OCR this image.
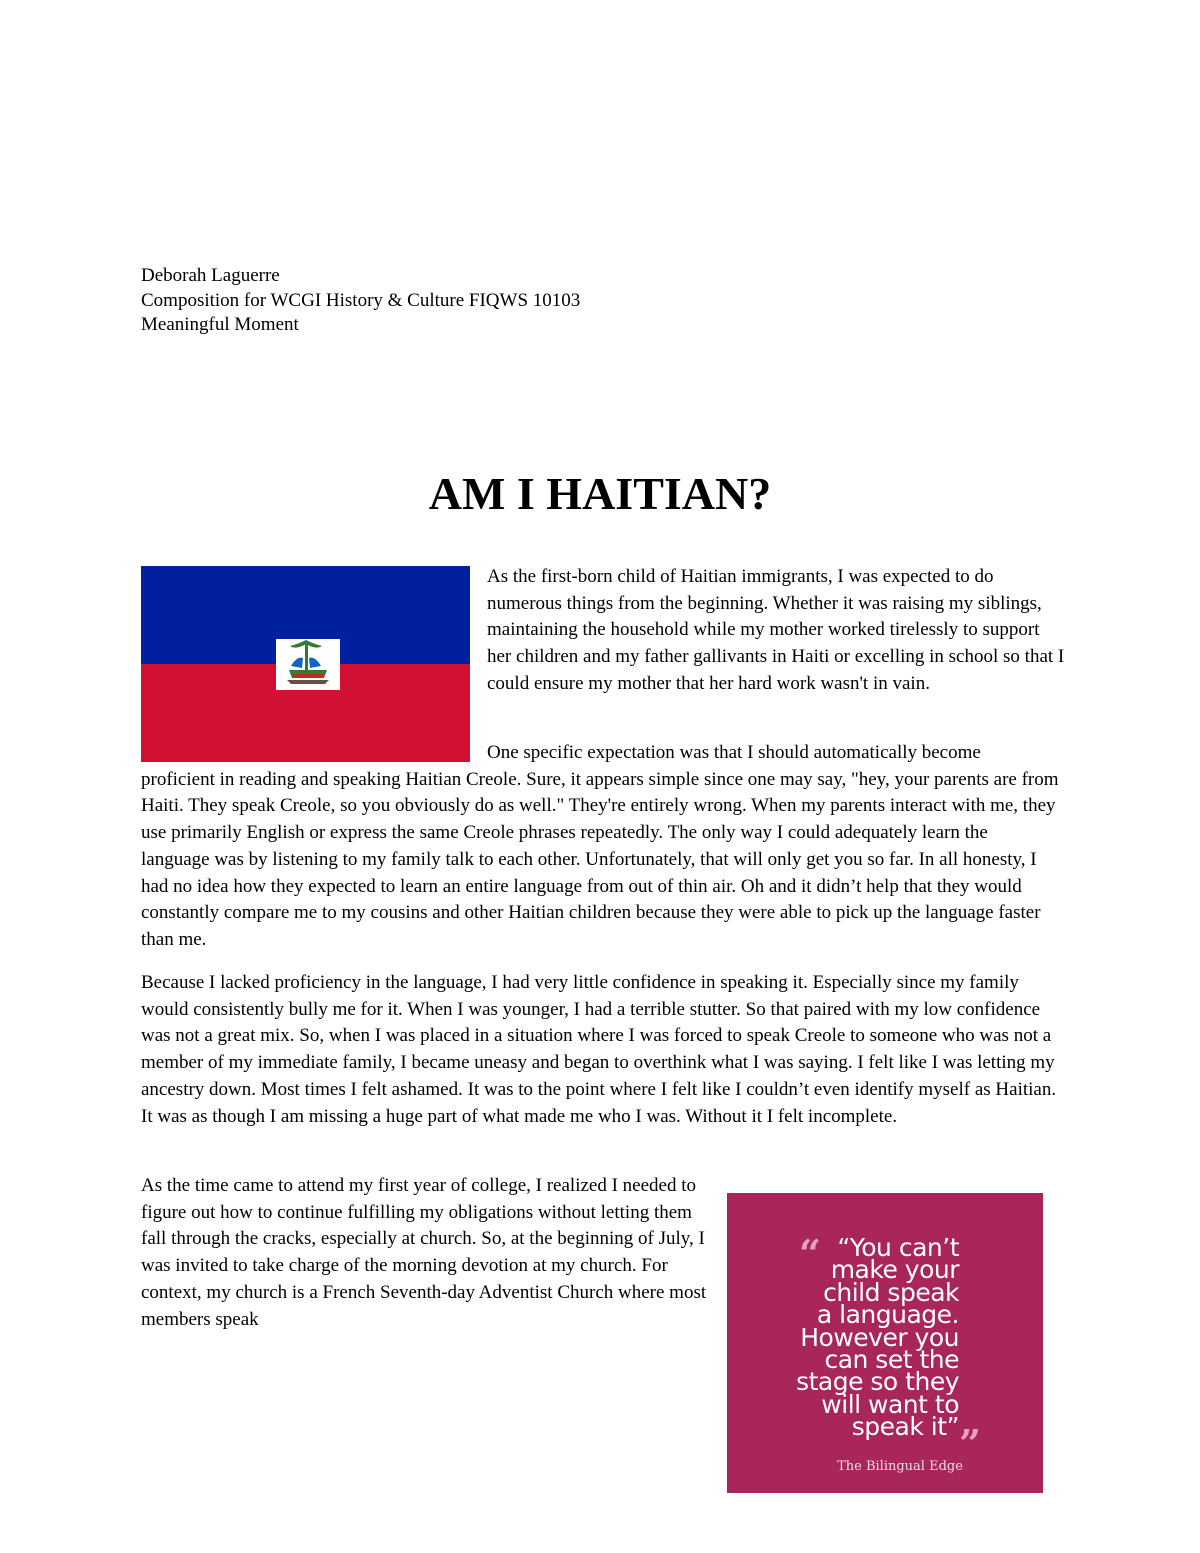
Deborah Laguerre
Composition for WCGI History & Culture FIQWS 10103
Meaningful Moment
AM I HAITIAN?

As the first-born child of Haitian immigrants, I was expected to do numerous things from the beginning. Whether it was raising my siblings, maintaining the household while my mother worked tirelessly to support her children and my father gallivants in Haiti or excelling in school so that I could ensure my mother that her hard work wasn't in vain.

One specific expectation was that I should automatically become
proficient in reading and speaking Haitian Creole. Sure, it appears simple since one may say, "hey, your parents are from Haiti. They speak Creole, so you obviously do as well." They're entirely wrong. When my parents interact with me, they use primarily English or express the same Creole phrases repeatedly. The only way I could adequately learn the language was by listening to my family talk to each other. Unfortunately, that will only get you so far. In all honesty, I had no idea how they expected to learn an entire language from out of thin air. Oh and it didn’t help that they would constantly compare me to my cousins and other Haitian children because they were able to pick up the language faster than me.

Because I lacked proficiency in the language, I had very little confidence in speaking it. Especially since my family would consistently bully me for it. When I was younger, I had a terrible stutter. So that paired with my low confidence was not a great mix. So, when I was placed in a situation where I was forced to speak Creole to someone who was not a member of my immediate family, I became uneasy and began to overthink what I was saying. I felt like I was letting my ancestry down. Most times I felt ashamed. It was to the point where I felt like I couldn’t even identify myself as Haitian. It was as though I am missing a huge part of what made me who I was. Without it I felt incomplete.

As the time came to attend my first year of college, I realized I needed to figure out how to continue fulfilling my obligations without letting them fall through the cracks, especially at church. So, at the beginning of July, I was invited to take charge of the morning devotion at my church. For context, my church is a French Seventh-day Adventist Church where most members speak

“ “You can’t
make your
child speak
a language.
However you
can set the
stage so they
will want to
speak it” ”
The Bilingual Edge
